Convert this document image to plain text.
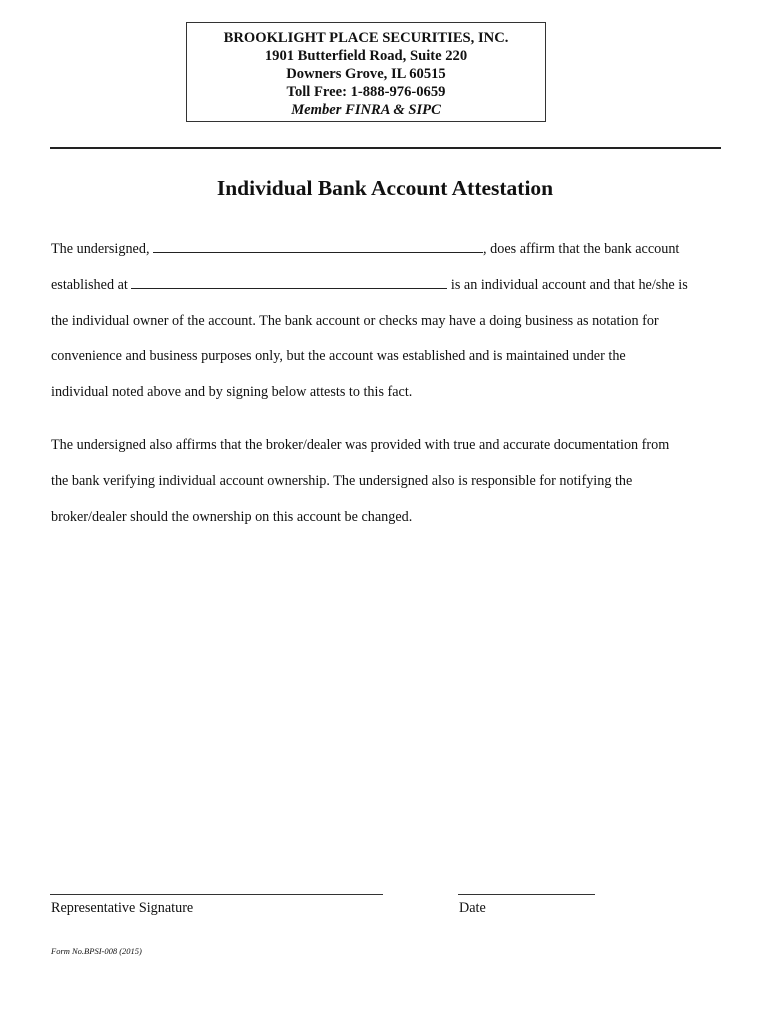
BROOKLIGHT PLACE SECURITIES, INC.
1901 Butterfield Road, Suite 220
Downers Grove, IL 60515
Toll Free: 1-888-976-0659
Member FINRA & SIPC
Individual Bank Account Attestation
The undersigned,	, does affirm that the bank account
established at	is an individual account and that he/she is
the individual owner of the account. The bank account or checks may have a doing business as notation for
convenience and business purposes only, but the account was established and is maintained under the
individual noted above and by signing below attests to this fact.
The undersigned also affirms that the broker/dealer was provided with true and accurate documentation from
the bank verifying individual account ownership. The undersigned also is responsible for notifying the
broker/dealer should the ownership on this account be changed.
Representative Signature	Date
Form No.BPSI-008 (2015)
